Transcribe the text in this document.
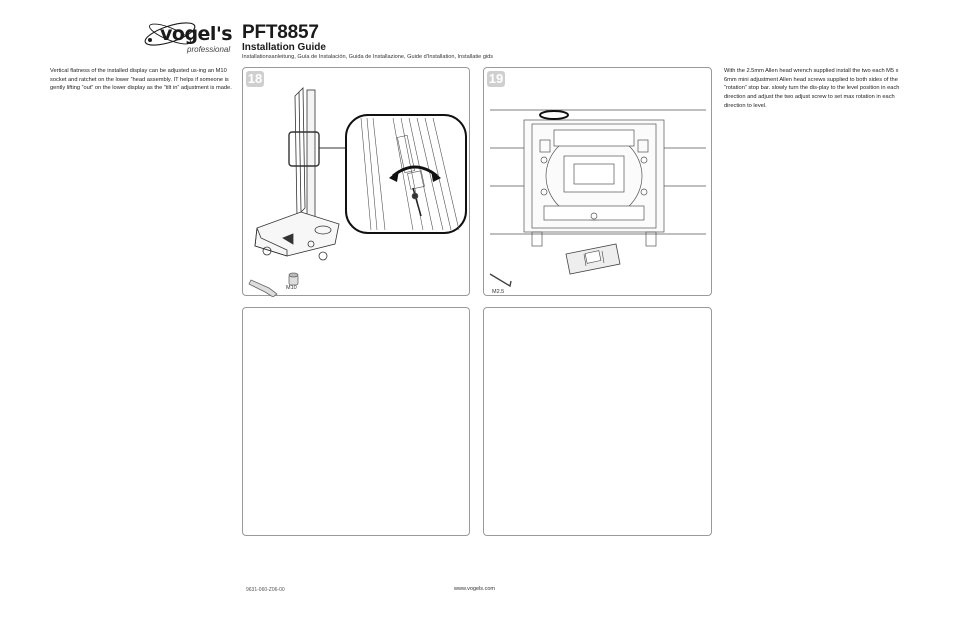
vogel's
professional
PFT8857
Installation Guide

Installationsanleitung, Guía de Instalación, Guida de Installazione, Guide d'Installation, Installatie gids

Vertical flatness of the installed display can be adjusted us-ing an M10 socket and ratchet on the lower “head assembly. IT helps if someone is gently lifting “out” on the lower display as the “tilt in” adjustment is made.

With the 2.5mm Allen head wrench supplied install the two each M5 x 6mm mini adjustment Allen head screws supplied to both sides of the “rotation” stop bar. slowly turn the dis-play to the level position in each direction and adjust the two adjust screw to set max rotation in each direction to level.

18
M10
19
M2.5
9631-060-Z06-00	www.vogels.com
